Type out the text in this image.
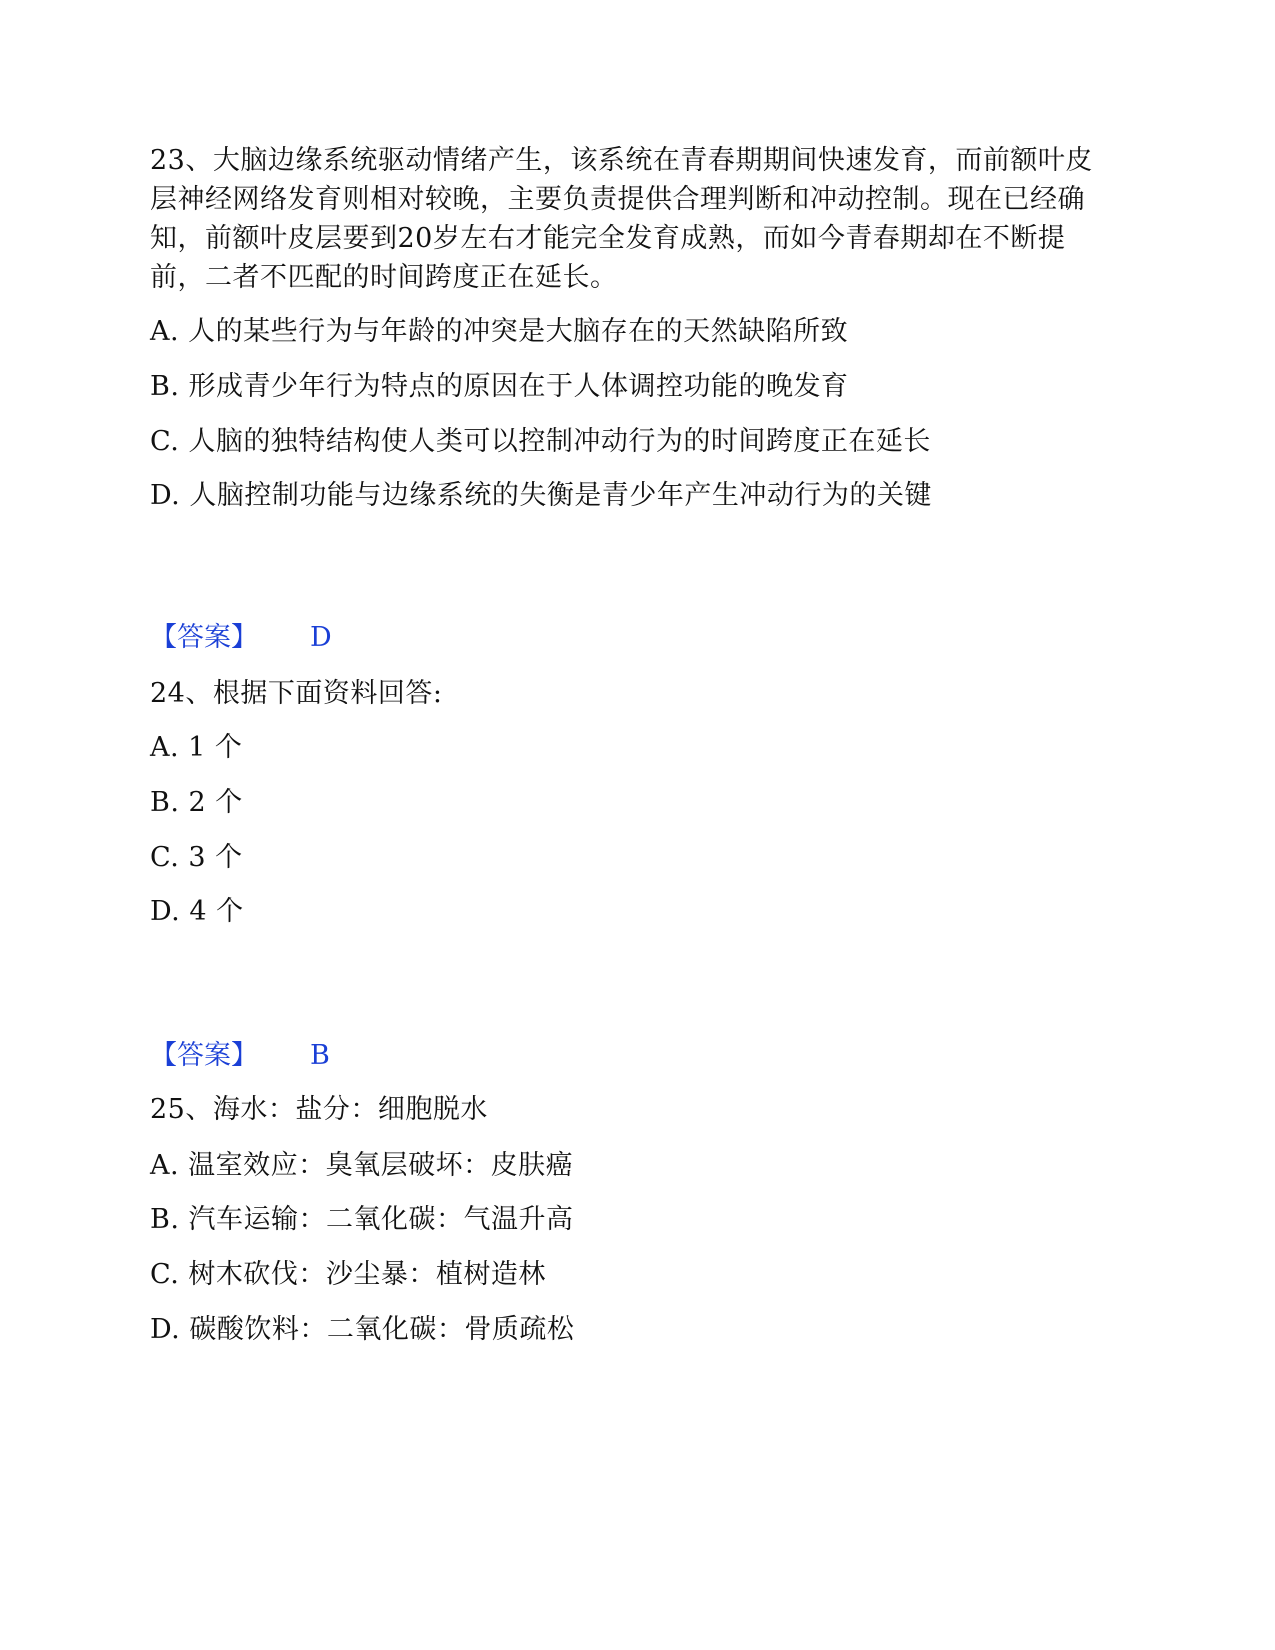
23、大脑边缘系统驱动情绪产生，该系统在青春期期间快速发育，而前额叶皮层神经网络发育则相对较晚，主要负责提供合理判断和冲动控制。现在已经确知，前额叶皮层要到20岁左右才能完全发育成熟，而如今青春期却在不断提前，二者不匹配的时间跨度正在延长。

A. 人的某些行为与年龄的冲突是大脑存在的天然缺陷所致

B. 形成青少年行为特点的原因在于人体调控功能的晚发育

C. 人脑的独特结构使人类可以控制冲动行为的时间跨度正在延长

D. 人脑控制功能与边缘系统的失衡是青少年产生冲动行为的关键

【答案】 D

24、根据下面资料回答:

A. 1 个

B. 2 个

C. 3 个

D. 4 个

【答案】 B

25、海水：盐分：细胞脱水

A. 温室效应：臭氧层破坏：皮肤癌

B. 汽车运输：二氧化碳：气温升高

C. 树木砍伐：沙尘暴：植树造林

D. 碳酸饮料：二氧化碳：骨质疏松
